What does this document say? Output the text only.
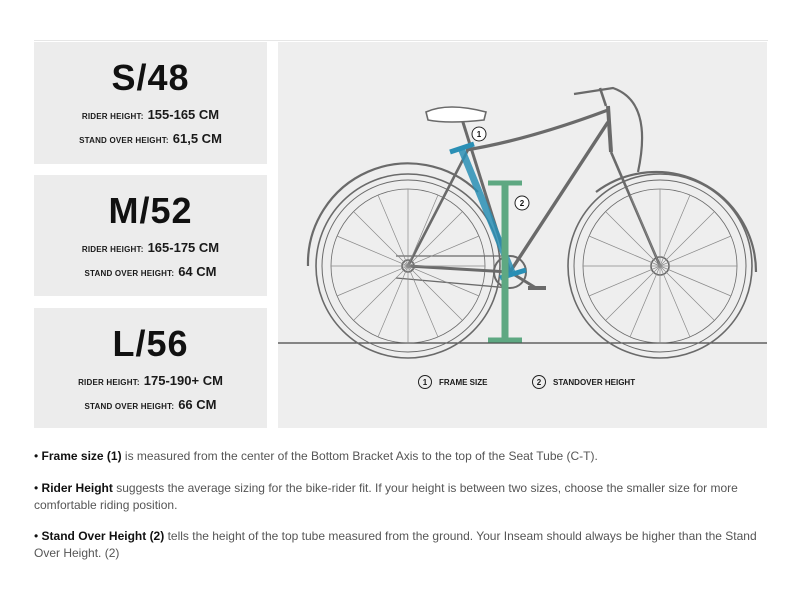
S/48
RIDER HEIGHT: 155-165 CM
STAND OVER HEIGHT: 61,5 CM
M/52
RIDER HEIGHT: 165-175 CM
STAND OVER HEIGHT: 64 CM
L/56
RIDER HEIGHT: 175-190+ CM
STAND OVER HEIGHT: 66 CM
1
2
1	FRAME SIZE	2	STANDOVER HEIGHT
• Frame size (1) is measured from the center of the Bottom Bracket Axis to the top of the Seat Tube (C-T).
• Rider Height suggests the average sizing for the bike-rider fit. If your height is between two sizes, choose the smaller size for more comfortable riding position.
• Stand Over Height (2) tells the height of the top tube measured from the ground. Your Inseam should always be higher than the Stand Over Height. (2)
